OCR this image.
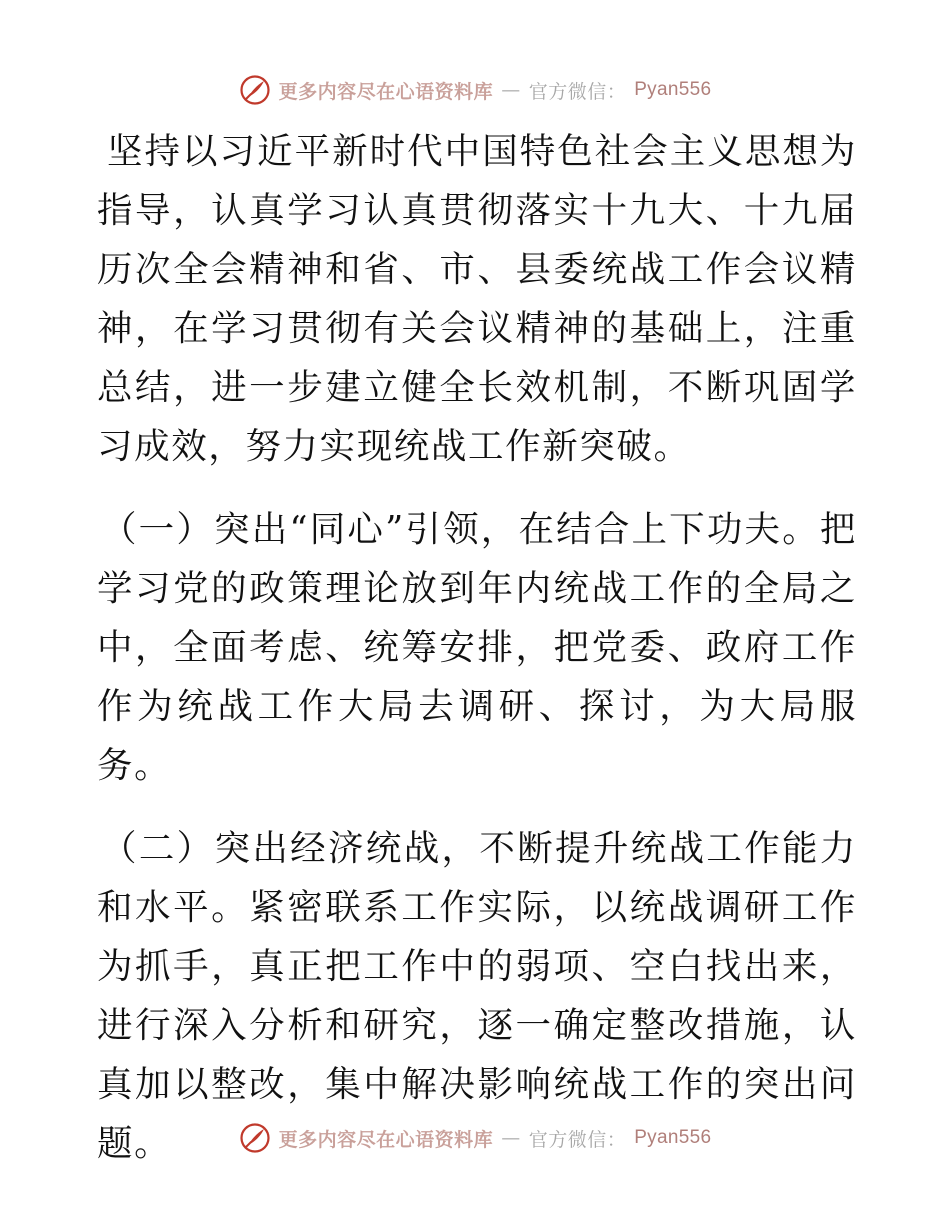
更多内容尽在心语资料库 — 官方微信： Pyan556

坚持以习近平新时代中国特色社会主义思想为指导，认真学习认真贯彻落实十九大、十九届历次全会精神和省、市、县委统战工作会议精神，在学习贯彻有关会议精神的基础上，注重总结，进一步建立健全长效机制，不断巩固学习成效，努力实现统战工作新突破。

（一）突出“同心”引领，在结合上下功夫。把学习党的政策理论放到年内统战工作的全局之中，全面考虑、统筹安排，把党委、政府工作作为统战工作大局去调研、探讨，为大局服务。

（二）突出经济统战，不断提升统战工作能力和水平。紧密联系工作实际，以统战调研工作为抓手，真正把工作中的弱项、空白找出来，进行深入分析和研究，逐一确定整改措施，认真加以整改，集中解决影响统战工作的突出问题。	更多内容尽在心语资料库 — 官方微信： Pyan556
